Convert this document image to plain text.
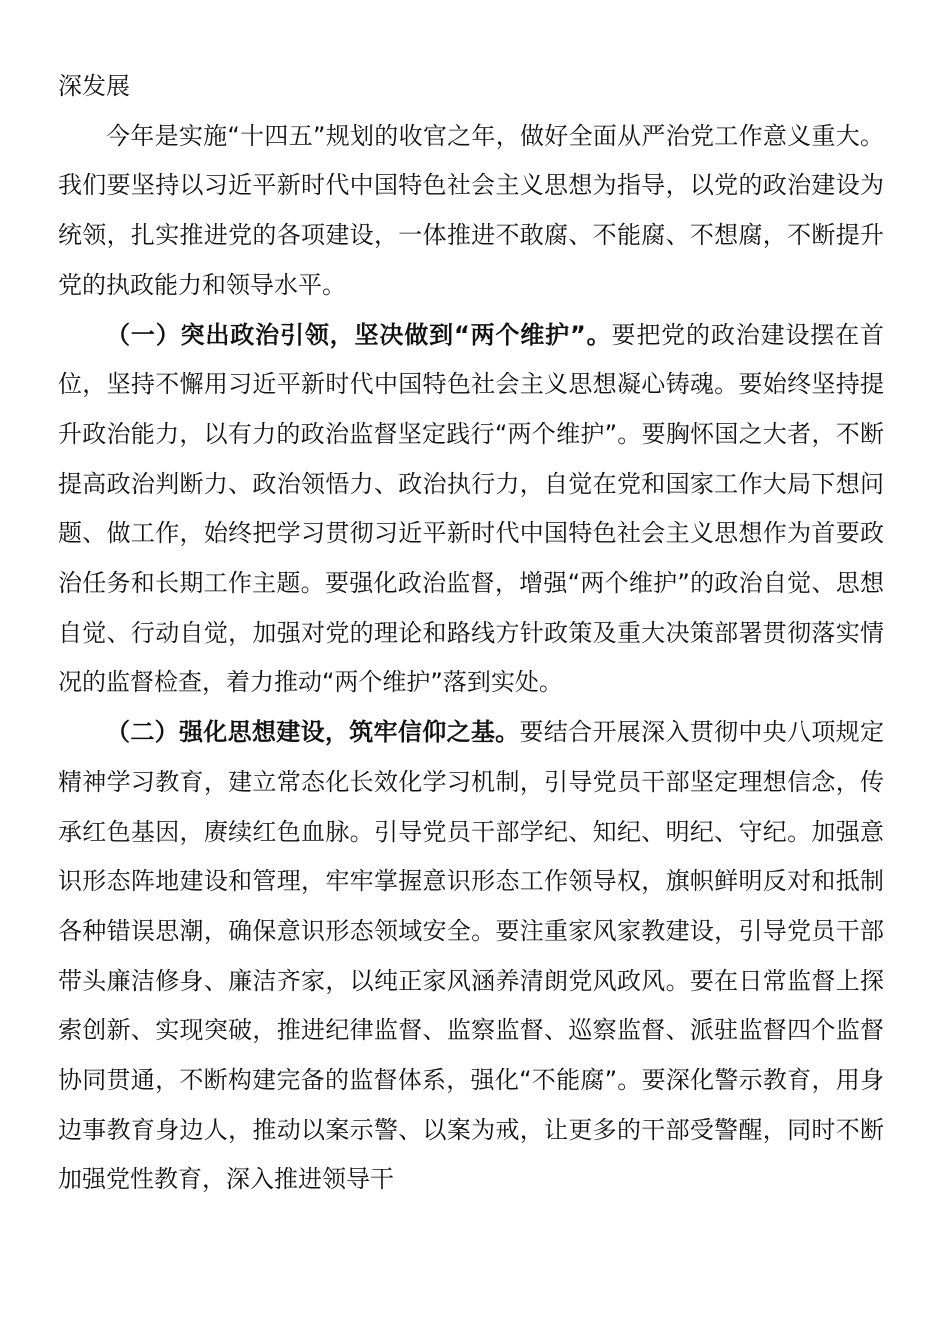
深发展

今年是实施“十四五”规划的收官之年，做好全面从严治党工作意义重大。我们要坚持以习近平新时代中国特色社会主义思想为指导，以党的政治建设为统领，扎实推进党的各项建设，一体推进不敢腐、不能腐、不想腐，不断提升党的执政能力和领导水平。

（一）突出政治引领，坚决做到“两个维护”。要把党的政治建设摆在首位，坚持不懈用习近平新时代中国特色社会主义思想凝心铸魂。要始终坚持提升政治能力，以有力的政治监督坚定践行“两个维护”。要胸怀国之大者，不断提高政治判断力、政治领悟力、政治执行力，自觉在党和国家工作大局下想问题、做工作，始终把学习贯彻习近平新时代中国特色社会主义思想作为首要政治任务和长期工作主题。要强化政治监督，增强“两个维护”的政治自觉、思想自觉、行动自觉，加强对党的理论和路线方针政策及重大决策部署贯彻落实情况的监督检查，着力推动“两个维护”落到实处。

（二）强化思想建设，筑牢信仰之基。要结合开展深入贯彻中央八项规定精神学习教育，建立常态化长效化学习机制，引导党员干部坚定理想信念，传承红色基因，赓续红色血脉。引导党员干部学纪、知纪、明纪、守纪。加强意识形态阵地建设和管理，牢牢掌握意识形态工作领导权，旗帜鲜明反对和抵制各种错误思潮，确保意识形态领域安全。要注重家风家教建设，引导党员干部带头廉洁修身、廉洁齐家，以纯正家风涵养清朗党风政风。要在日常监督上探索创新、实现突破，推进纪律监督、监察监督、巡察监督、派驻监督四个监督协同贯通，不断构建完备的监督体系，强化“不能腐”。要深化警示教育，用身边事教育身边人，推动以案示警、以案为戒，让更多的干部受警醒，同时不断加强党性教育，深入推进领导干
